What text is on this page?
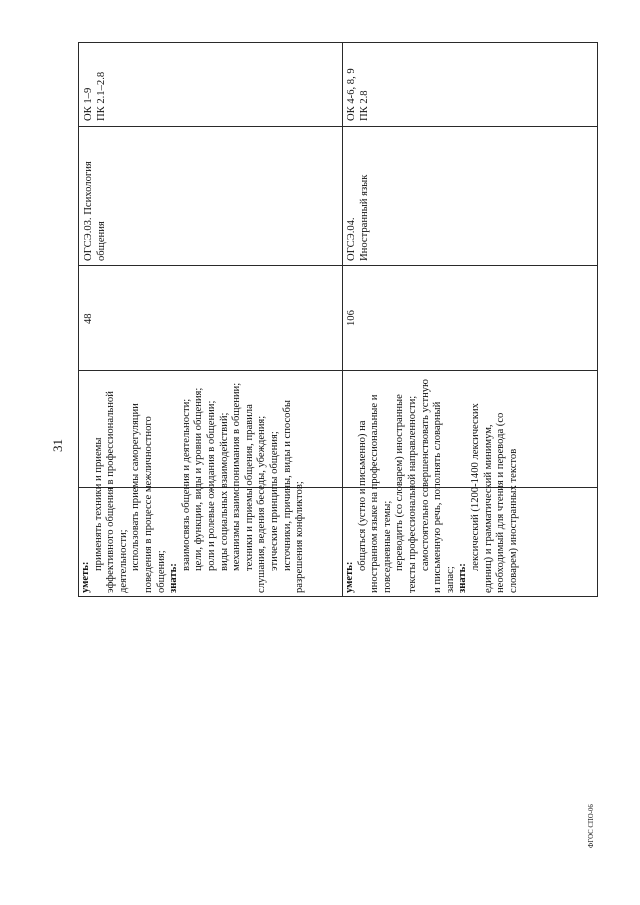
31
уметь:
применять техники и приемы эффективного общения в профессиональной деятельности; использовать приемы саморегуляции поведения в процессе межличностного общения; знать:
взаимосвязь общения и деятельности; цели, функции, виды и уровни общения; роли и ролевые ожидания в общении; виды социальных взаимодействий; механизмы взаимопонимания в общении; техники и приемы общения, правила слушания, ведения беседы, убеждения; этические принципы общения; источники, причины, виды и способы разрешения конфликтов;
48
ОГСЭ.03. Психология общения
ОК 1–9 ПК 2.1–2.8
уметь:
общаться (устно и письменно) на иностранном языке на профессиональные и повседневные темы; переводить (со словарем) иностранные тексты профессиональной направленности; самостоятельно совершенствовать устную и письменную речь, пополнять словарный запас; знать:
лексический (1200-1400 лексических единиц) и грамматический минимум, необходимый для чтения и перевода (со словарем) иностранных текстов
106
ОГСЭ.04. Иностранный язык
ОК 4-6, 8, 9 ПК 2.8
ФГОС СПО-06
